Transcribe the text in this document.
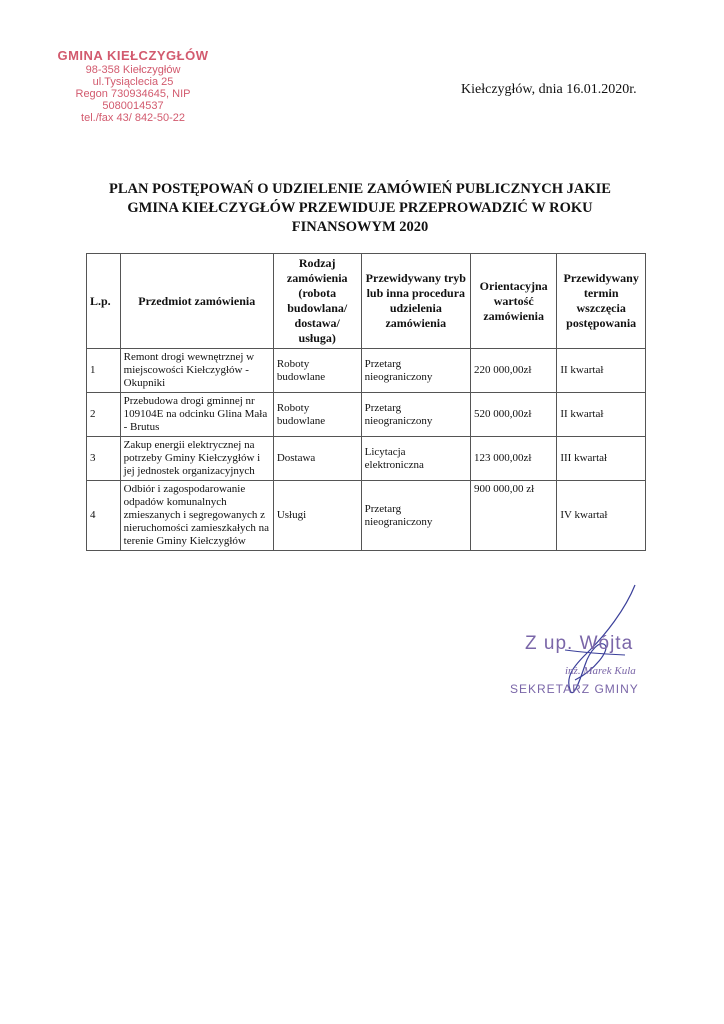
GMINA KIEŁCZYGŁÓW
98-358 Kiełczygłów
ul.Tysiąclecia 25
Regon 730934645, NIP 5080014537
tel./fax 43/ 842-50-22
Kiełczygłów, dnia 16.01.2020r.
PLAN POSTĘPOWAŃ O UDZIELENIE ZAMÓWIEŃ PUBLICZNYCH JAKIE GMINA KIEŁCZYGŁÓW PRZEWIDUJE PRZEPROWADZIĆ W ROKU FINANSOWYM 2020
L.p.	Przedmiot zamówienia	Rodzaj zamówienia (robota budowlana/ dostawa/ usługa)	Przewidywany tryb lub inna procedura udzielenia zamówienia	Orientacyjna wartość zamówienia	Przewidywany termin wszczęcia postępowania
1	Remont drogi wewnętrznej w miejscowości Kiełczygłów - Okupniki	Roboty budowlane	Przetarg nieograniczony	220 000,00zł	II kwartał
2	Przebudowa drogi gminnej nr 109104E na odcinku Glina Mała - Brutus	Roboty budowlane	Przetarg nieograniczony	520 000,00zł	II kwartał
3	Zakup energii elektrycznej na potrzeby Gminy Kiełczygłów i jej jednostek organizacyjnych	Dostawa	Licytacja elektroniczna	123 000,00zł	III kwartał
4	Odbiór i zagospodarowanie odpadów komunalnych zmieszanych i segregowanych z nieruchomości zamieszkałych na terenie Gminy Kiełczygłów	Usługi	Przetarg nieograniczony	900 000,00 zł	IV kwartał
Z up. Wójta
inż. Marek Kula
SEKRETARZ GMINY
